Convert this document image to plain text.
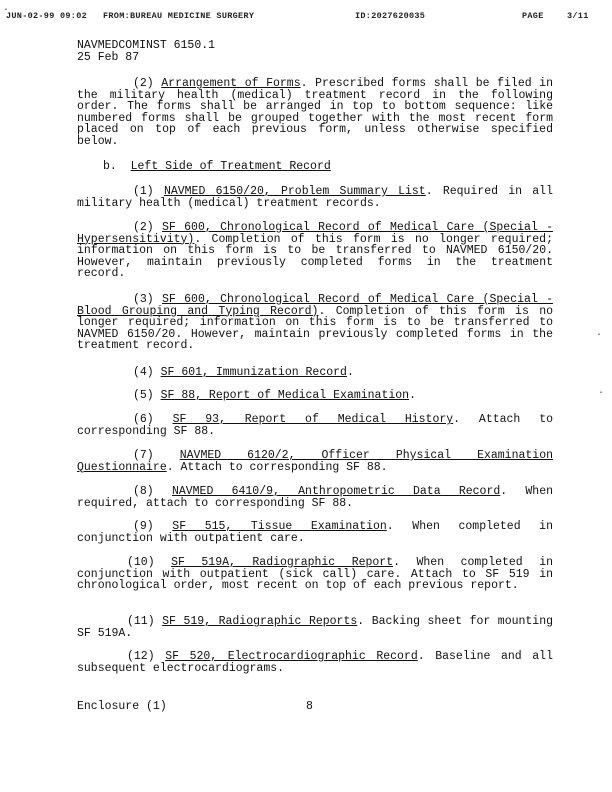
JUN-02-99 09:02 FROM:BUREAU MEDICINE SURGERY	ID:2027620035	PAGE	3/11
NAVMEDCOMINST 6150.1
25 Feb 87

(2) Arrangement of Forms. Prescribed forms shall be filed in the military health (medical) treatment record in the following order. The forms shall be arranged in top to bottom sequence: like numbered forms shall be grouped together with the most recent form placed on top of each previous form, unless otherwise specified below.

b. Left Side of Treatment Record

(1) NAVMED 6150/20, Problem Summary List. Required in all military health (medical) treatment records.

(2) SF 600, Chronological Record of Medical Care (Special - Hypersensitivity). Completion of this form is no longer required; information on this form is to be transferred to NAVMED 6150/20. However, maintain previously completed forms in the treatment record.

(3) SF 600, Chronological Record of Medical Care (Special - Blood Grouping and Typing Record). Completion of this form is no longer required; information on this form is to be transferred to NAVMED 6150/20. However, maintain previously completed forms in the treatment record.

(4) SF 601, Immunization Record.

(5) SF 88, Report of Medical Examination.

(6) SF 93, Report of Medical History. Attach to corresponding SF 88.

(7) NAVMED 6120/2, Officer Physical Examination Questionnaire. Attach to corresponding SF 88.

(8) NAVMED 6410/9, Anthropometric Data Record. When required, attach to corresponding SF 88.

(9) SF 515, Tissue Examination. When completed in conjunction with outpatient care.

(10) SF 519A, Radiographic Report. When completed in conjunction with outpatient (sick call) care. Attach to SF 519 in chronological order, most recent on top of each previous report.

(11) SF 519, Radiographic Reports. Backing sheet for mounting SF 519A.

(12) SF 520, Electrocardiographic Record. Baseline and all subsequent electrocardiograms.

Enclosure (1)	8
·
·
·
